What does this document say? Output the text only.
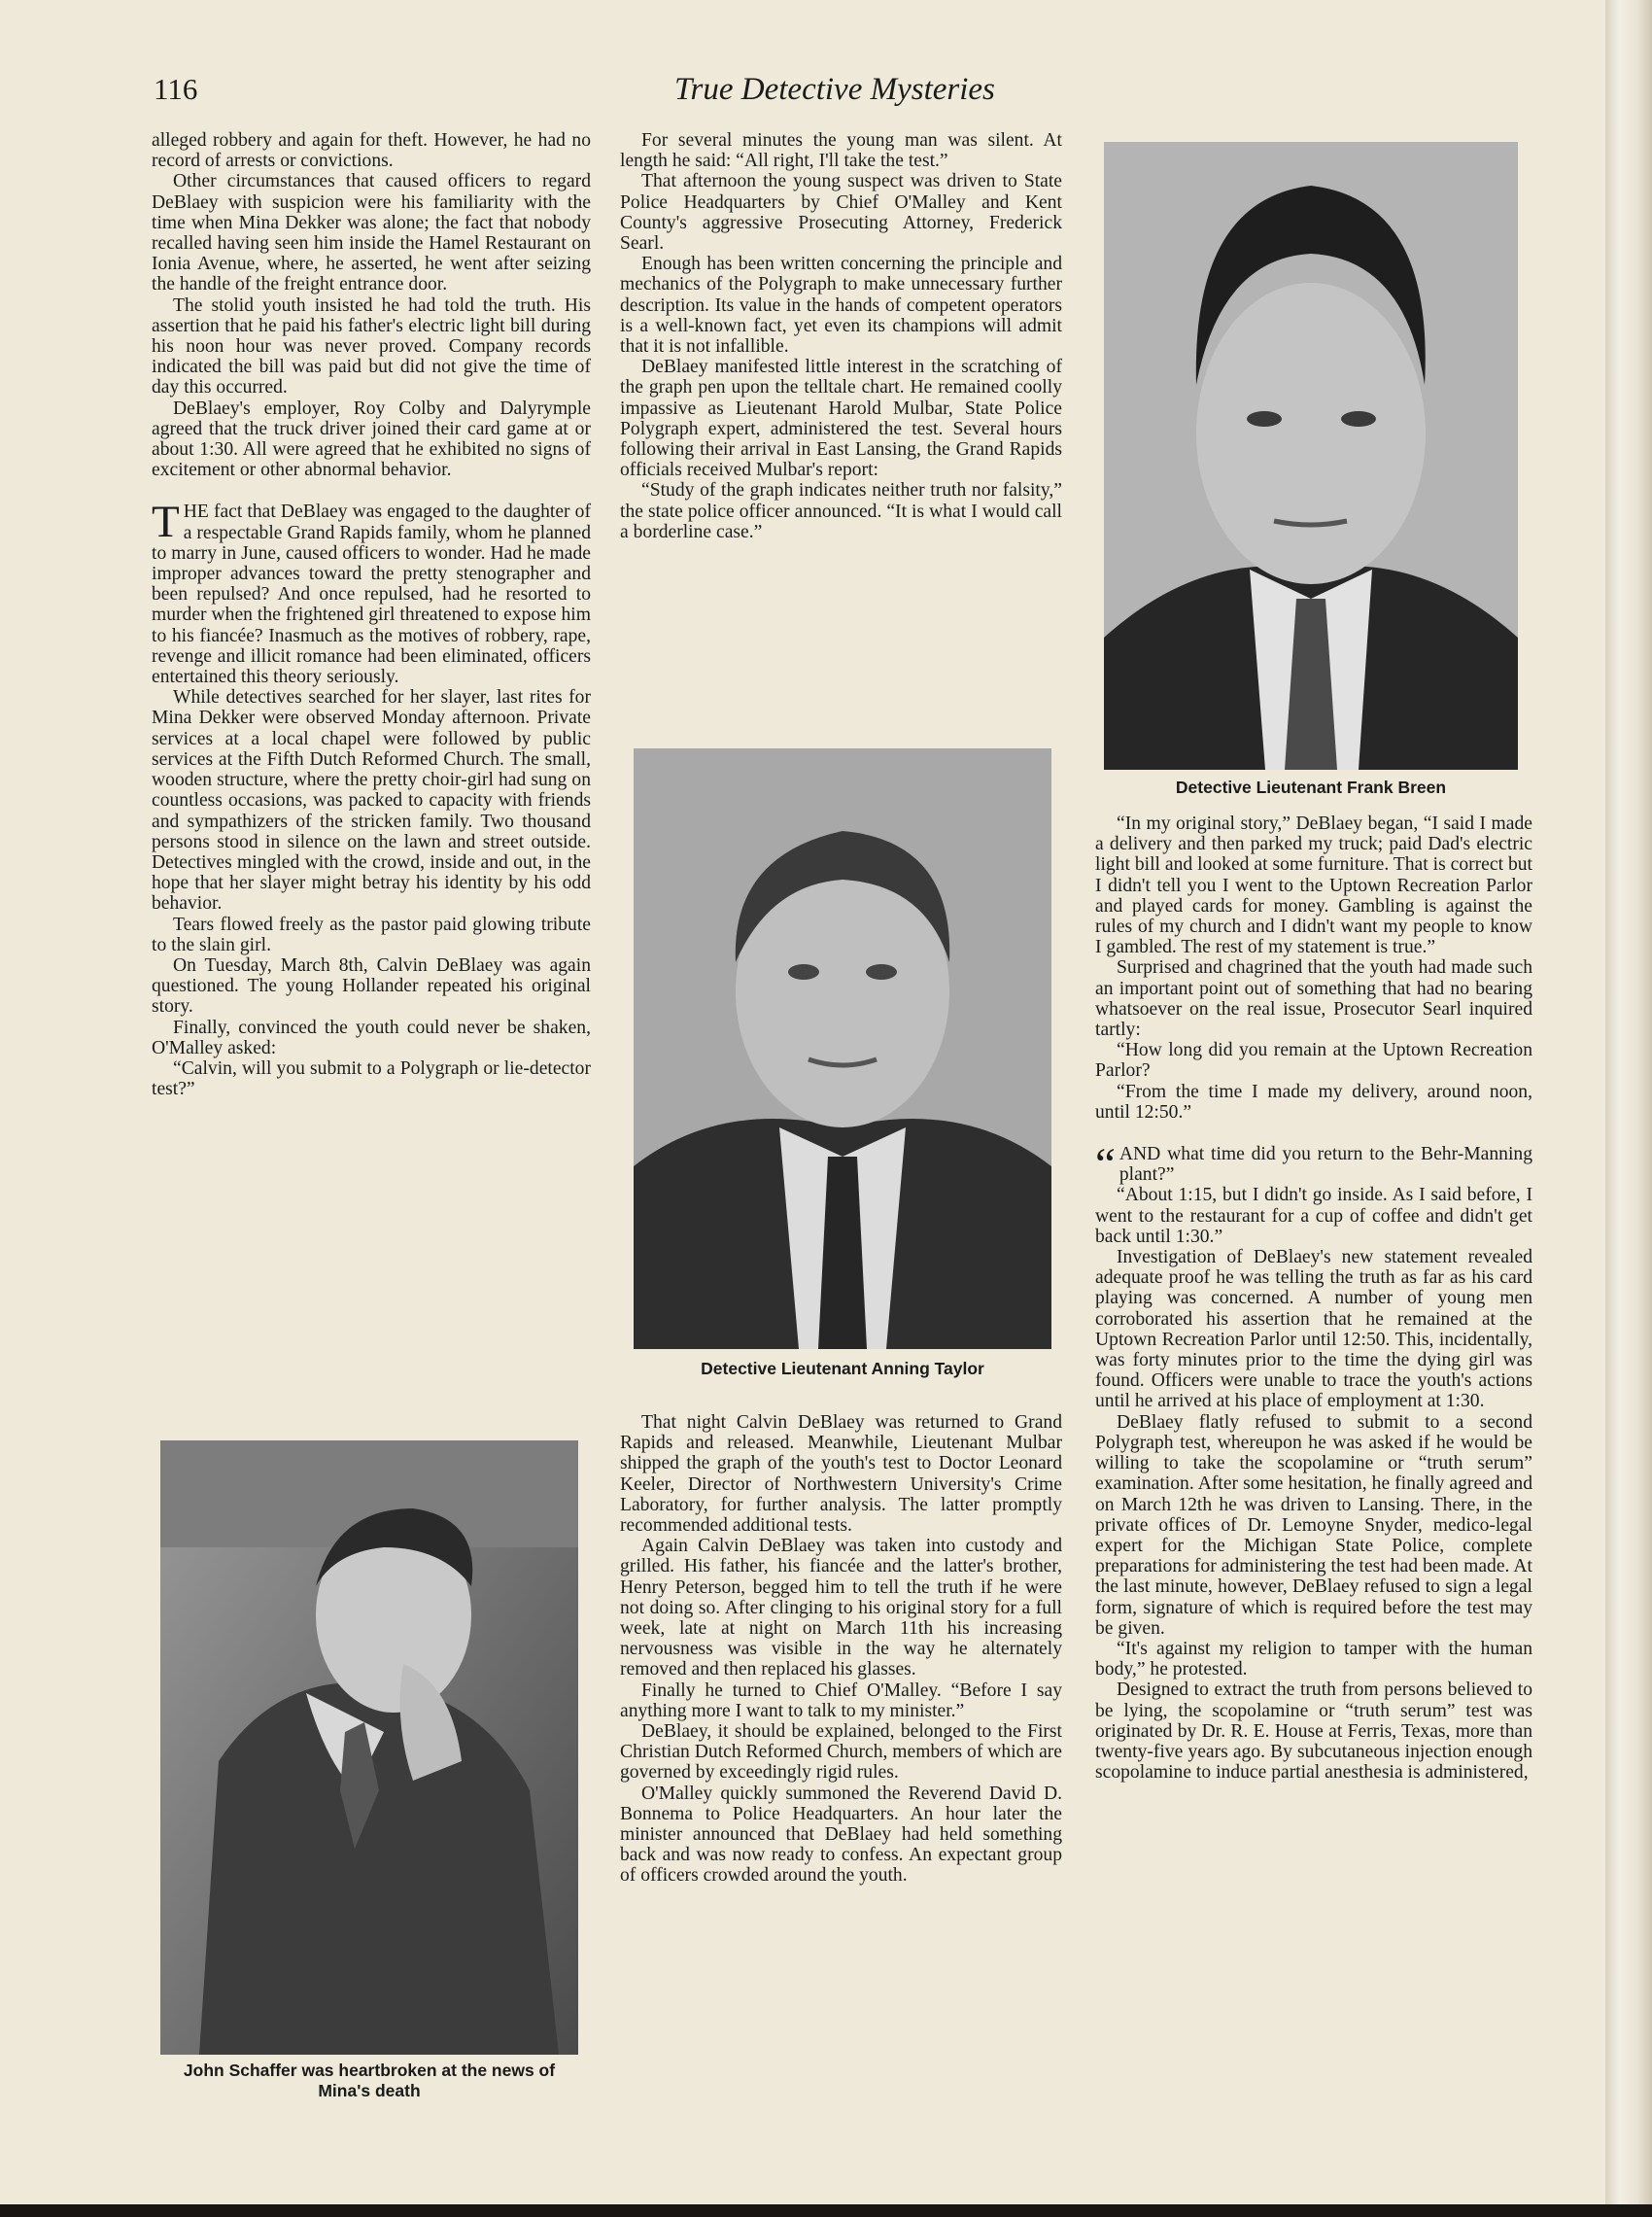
116	True Detective Mysteries

alleged robbery and again for theft. However, he had no record of arrests or convictions.

Other circumstances that caused officers to regard DeBlaey with suspicion were his familiarity with the time when Mina Dekker was alone; the fact that nobody recalled having seen him inside the Hamel Restaurant on Ionia Avenue, where, he asserted, he went after seizing the handle of the freight entrance door.

The stolid youth insisted he had told the truth. His assertion that he paid his father's electric light bill during his noon hour was never proved. Company records indicated the bill was paid but did not give the time of day this occurred.

DeBlaey's employer, Roy Colby and Dalyrymple agreed that the truck driver joined their card game at or about 1:30. All were agreed that he exhibited no signs of excitement or other abnormal behavior.

THE fact that DeBlaey was engaged to the daughter of a respectable Grand Rapids family, whom he planned to marry in June, caused officers to wonder. Had he made improper advances toward the pretty stenographer and been repulsed? And once repulsed, had he resorted to murder when the frightened girl threatened to expose him to his fiancée? Inasmuch as the motives of robbery, rape, revenge and illicit romance had been eliminated, officers entertained this theory seriously.

While detectives searched for her slayer, last rites for Mina Dekker were observed Monday afternoon. Private services at a local chapel were followed by public services at the Fifth Dutch Reformed Church. The small, wooden structure, where the pretty choir-girl had sung on countless occasions, was packed to capacity with friends and sympathizers of the stricken family. Two thousand persons stood in silence on the lawn and street outside. Detectives mingled with the crowd, inside and out, in the hope that her slayer might betray his identity by his odd behavior.

Tears flowed freely as the pastor paid glowing tribute to the slain girl.

On Tuesday, March 8th, Calvin DeBlaey was again questioned. The young Hollander repeated his original story.

Finally, convinced the youth could never be shaken, O'Malley asked:

“Calvin, will you submit to a Polygraph or lie-detector test?”

John Schaffer was heartbroken at the news of Mina's death

For several minutes the young man was silent. At length he said: “All right, I'll take the test.”

That afternoon the young suspect was driven to State Police Headquarters by Chief O'Malley and Kent County's aggressive Prosecuting Attorney, Frederick Searl.

Enough has been written concerning the principle and mechanics of the Polygraph to make unnecessary further description. Its value in the hands of competent operators is a well-known fact, yet even its champions will admit that it is not infallible.

DeBlaey manifested little interest in the scratching of the graph pen upon the telltale chart. He remained coolly impassive as Lieutenant Harold Mulbar, State Police Polygraph expert, administered the test. Several hours following their arrival in East Lansing, the Grand Rapids officials received Mulbar's report:

“Study of the graph indicates neither truth nor falsity,” the state police officer announced. “It is what I would call a borderline case.”

Detective Lieutenant Anning Taylor

That night Calvin DeBlaey was returned to Grand Rapids and released. Meanwhile, Lieutenant Mulbar shipped the graph of the youth's test to Doctor Leonard Keeler, Director of Northwestern University's Crime Laboratory, for further analysis. The latter promptly recommended additional tests.

Again Calvin DeBlaey was taken into custody and grilled. His father, his fiancée and the latter's brother, Henry Peterson, begged him to tell the truth if he were not doing so. After clinging to his original story for a full week, late at night on March 11th his increasing nervousness was visible in the way he alternately removed and then replaced his glasses.

Finally he turned to Chief O'Malley. “Before I say anything more I want to talk to my minister.”

DeBlaey, it should be explained, belonged to the First Christian Dutch Reformed Church, members of which are governed by exceedingly rigid rules.

O'Malley quickly summoned the Reverend David D. Bonnema to Police Headquarters. An hour later the minister announced that DeBlaey had held something back and was now ready to confess. An expectant group of officers crowded around the youth.

Detective Lieutenant Frank Breen

“In my original story,” DeBlaey began, “I said I made a delivery and then parked my truck; paid Dad's electric light bill and looked at some furniture. That is correct but I didn't tell you I went to the Uptown Recreation Parlor and played cards for money. Gambling is against the rules of my church and I didn't want my people to know I gambled. The rest of my statement is true.”

Surprised and chagrined that the youth had made such an important point out of something that had no bearing whatsoever on the real issue, Prosecutor Searl inquired tartly:

“How long did you remain at the Uptown Recreation Parlor?

“From the time I made my delivery, around noon, until 12:50.”

“ AND what time did you return to the Behr-Manning plant?”

“About 1:15, but I didn't go inside. As I said before, I went to the restaurant for a cup of coffee and didn't get back until 1:30.”

Investigation of DeBlaey's new statement revealed adequate proof he was telling the truth as far as his card playing was concerned. A number of young men corroborated his assertion that he remained at the Uptown Recreation Parlor until 12:50. This, incidentally, was forty minutes prior to the time the dying girl was found. Officers were unable to trace the youth's actions until he arrived at his place of employment at 1:30.

DeBlaey flatly refused to submit to a second Polygraph test, whereupon he was asked if he would be willing to take the scopolamine or “truth serum” examination. After some hesitation, he finally agreed and on March 12th he was driven to Lansing. There, in the private offices of Dr. Lemoyne Snyder, medico-legal expert for the Michigan State Police, complete preparations for administering the test had been made. At the last minute, however, DeBlaey refused to sign a legal form, signature of which is required before the test may be given.

“It's against my religion to tamper with the human body,” he protested.

Designed to extract the truth from persons believed to be lying, the scopolamine or “truth serum” test was originated by Dr. R. E. House at Ferris, Texas, more than twenty-five years ago. By subcutaneous injection enough scopolamine to induce partial anesthesia is administered,
